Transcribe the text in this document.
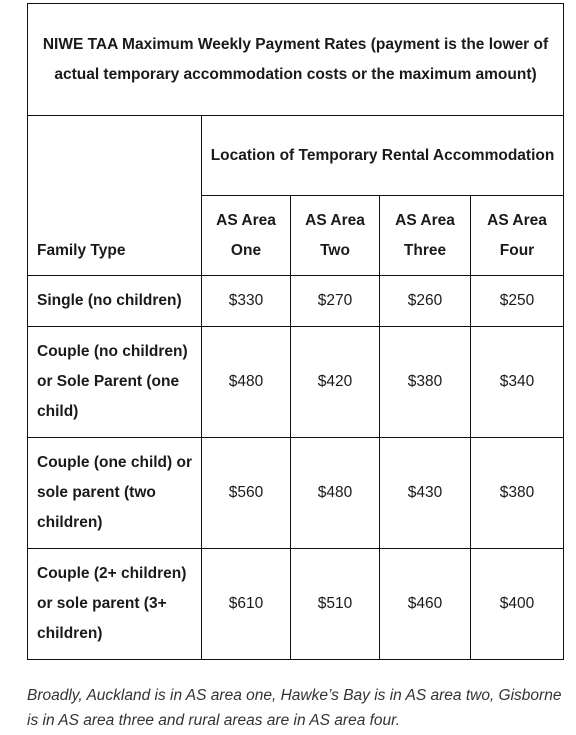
NIWE TAA Maximum Weekly Payment Rates (payment is the lower of actual temporary accommodation costs or the maximum amount)				
Family Type	Location of Temporary Rental Accommodation			
	AS Area One	AS Area Two	AS Area Three	AS Area Four
Single (no children)	$330	$270	$260	$250
Couple (no children) or Sole Parent (one child)	$480	$420	$380	$340
Couple (one child) or sole parent (two children)	$560	$480	$430	$380
Couple (2+ children) or sole parent (3+ children)	$610	$510	$460	$400

Broadly, Auckland is in AS area one, Hawke’s Bay is in AS area two, Gisborne is in AS area three and rural areas are in AS area four.
